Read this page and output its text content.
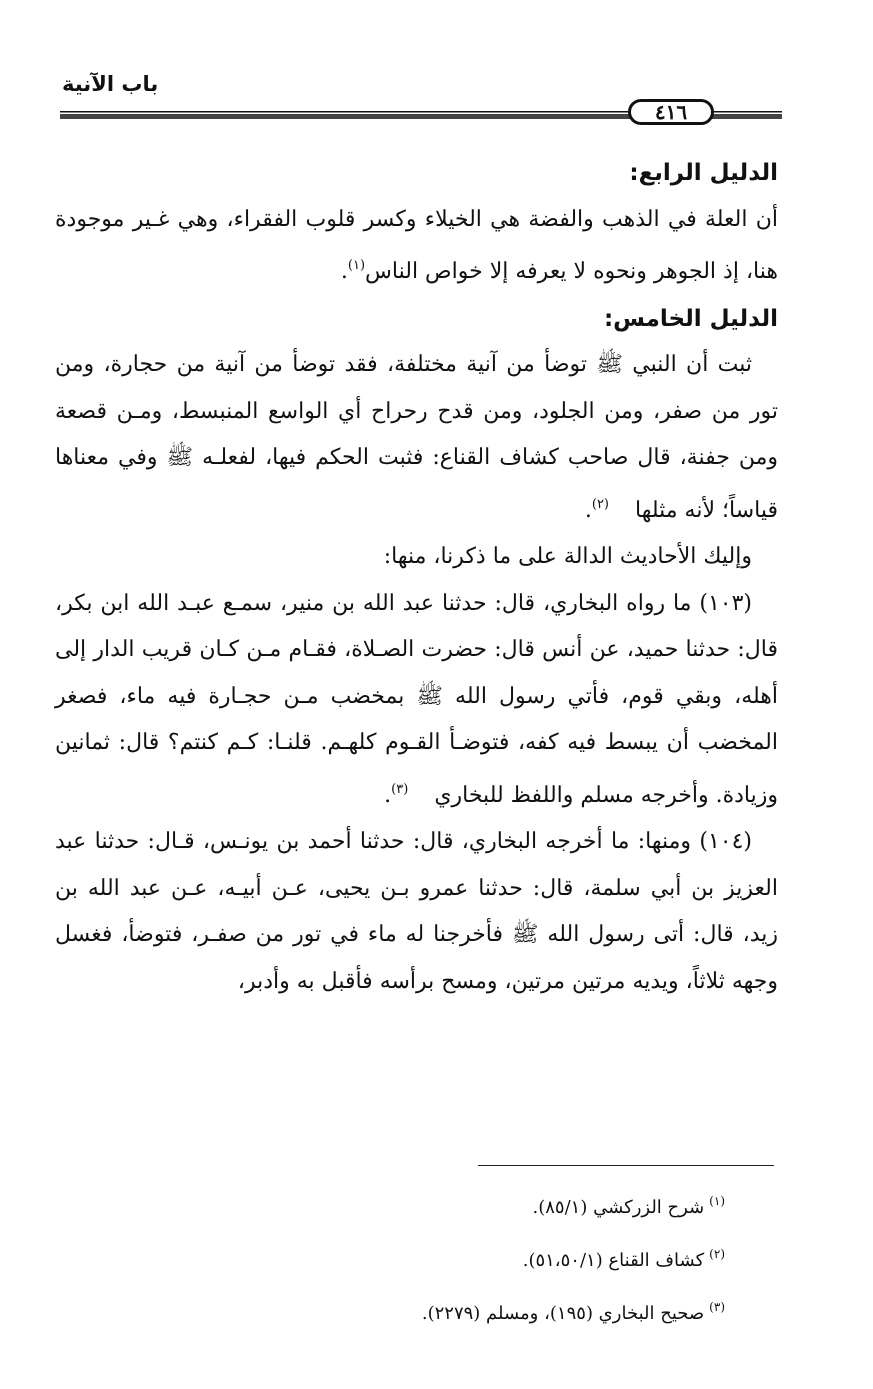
باب الآنية
٤١٦

الدليل الرابع:

أن العلة في الذهب والفضة هي الخيلاء وكسر قلوب الفقراء، وهي غـير موجودة هنا، إذ الجوهر ونحوه لا يعرفه إلا خواص الناس(١).

الدليل الخامس:

ثبت أن النبي ﷺ توضأ من آنية مختلفة، فقد توضأ من آنية من حجارة، ومن تور من صفر، ومن الجلود، ومن قدح رحراح أي الواسع المنبسط، ومـن قصعة ومن جفنة، قال صاحب كشاف القناع: فثبت الحكم فيها، لفعلـه ﷺ وفي معناها قياساً؛ لأنه مثلها(٢).

وإليك الأحاديث الدالة على ما ذكرنا، منها:

(١٠٣) ما رواه البخاري، قال: حدثنا عبد الله بن منير، سمـع عبـد الله ابن بكر، قال: حدثنا حميد، عن أنس قال: حضرت الصـلاة، فقـام مـن كـان قريب الدار إلى أهله، وبقي قوم، فأتي رسول الله ﷺ بمخضب مـن حجـارة فيه ماء، فصغر المخضب أن يبسط فيه كفه، فتوضـأ القـوم كلهـم. قلنـا: كـم كنتم؟ قال: ثمانين وزيادة. وأخرجه مسلم واللفظ للبخاري(٣).

(١٠٤) ومنها: ما أخرجه البخاري، قال: حدثنا أحمد بن يونـس، قـال: حدثنا عبد العزيز بن أبي سلمة، قال: حدثنا عمرو بـن يحيى، عـن أبيـه، عـن عبد الله بن زيد، قال: أتى رسول الله ﷺ فأخرجنا له ماء في تور من صفـر، فتوضأ، فغسل وجهه ثلاثاً، ويديه مرتين مرتين، ومسح برأسه فأقبل به وأدبر،

(١)شرح الزركشي (٨٥/١).
(٢)كشاف القناع (٥١،٥٠/١).
(٣)صحيح البخاري (١٩٥)، ومسلم (٢٢٧٩).
